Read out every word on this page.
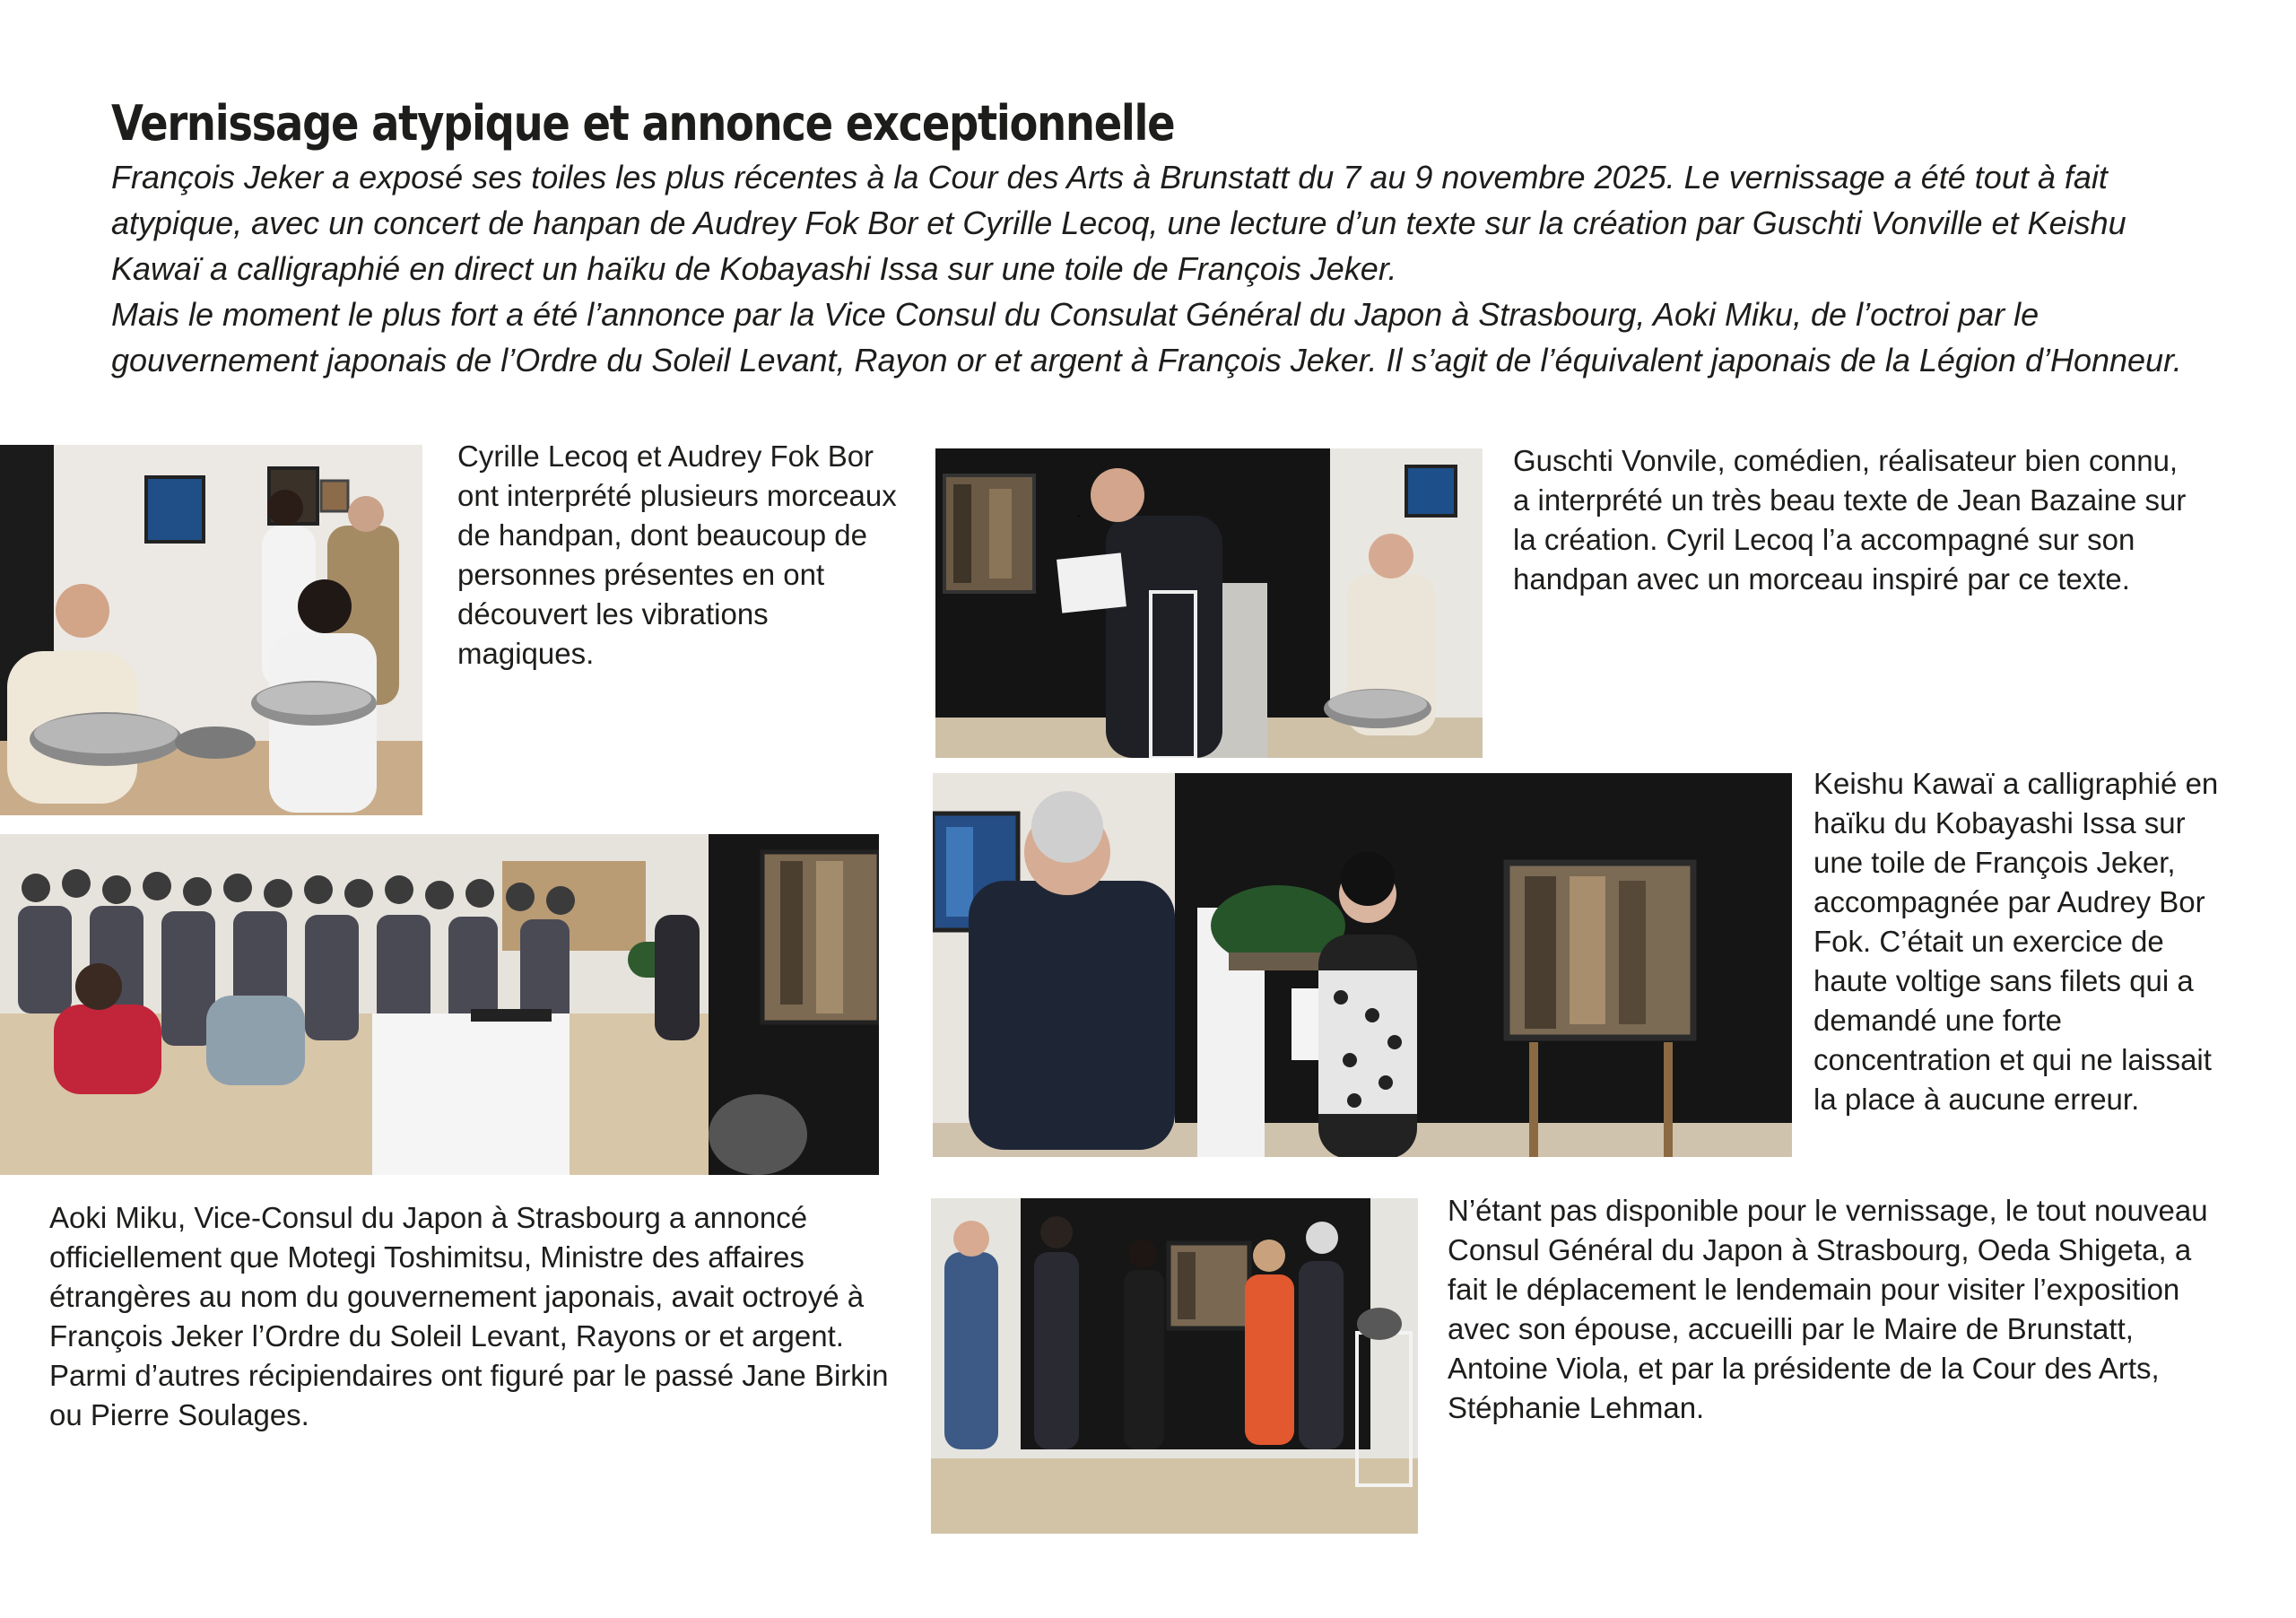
Vernissage atypique et annonce exceptionnelle

François Jeker a exposé ses toiles les plus récentes à la Cour des Arts à Brunstatt du 7 au 9 novembre 2025. Le vernissage a été tout à fait atypique, avec un concert de hanpan de Audrey Fok Bor et Cyrille Lecoq, une lecture d’un texte sur la création par Guschti Vonville et Keishu Kawaï a calligraphié en direct un haïku de Kobayashi Issa sur une toile de François Jeker.

Mais le moment le plus fort a été l’annonce par la Vice Consul du Consulat Général du Japon à Strasbourg, Aoki Miku, de l’octroi par le gouvernement japonais de l’Ordre du Soleil Levant, Rayon or et argent à François Jeker. Il s’agit de l’équivalent japonais de la Légion d’Honneur.

Cyrille Lecoq et Audrey Fok Bor ont interprété plusieurs morceaux de handpan, dont beaucoup de personnes présentes en ont découvert les vibrations magiques.

Guschti Vonvile, comédien, réalisateur bien connu, a interprété un très beau texte de Jean Bazaine sur la création. Cyril Lecoq l’a accompagné sur son handpan avec un morceau inspiré par ce texte.

Aoki Miku, Vice-Consul du Japon à Strasbourg a annoncé officiellement que Motegi Toshimitsu, Ministre des affaires étrangères au nom du gouvernement japonais, avait octroyé à François Jeker l’Ordre du Soleil Levant, Rayons or et argent. Parmi d’autres récipiendaires ont figuré par le passé Jane Birkin ou Pierre Soulages.

Keishu Kawaï a calligraphié en haïku du Kobayashi Issa sur une toile de François Jeker, accompagnée par Audrey Bor Fok. C’était un exercice de haute voltige sans filets qui a demandé une forte concentration et qui ne laissait la place à aucune erreur.

N’étant pas disponible pour le vernissage, le tout nouveau Consul Général du Japon à Strasbourg, Oeda Shigeta, a fait le déplacement le lendemain pour visiter l’exposition avec son épouse, accueilli par le Maire de Brunstatt, Antoine Viola, et par la présidente de la Cour des Arts, Stéphanie Lehman.
